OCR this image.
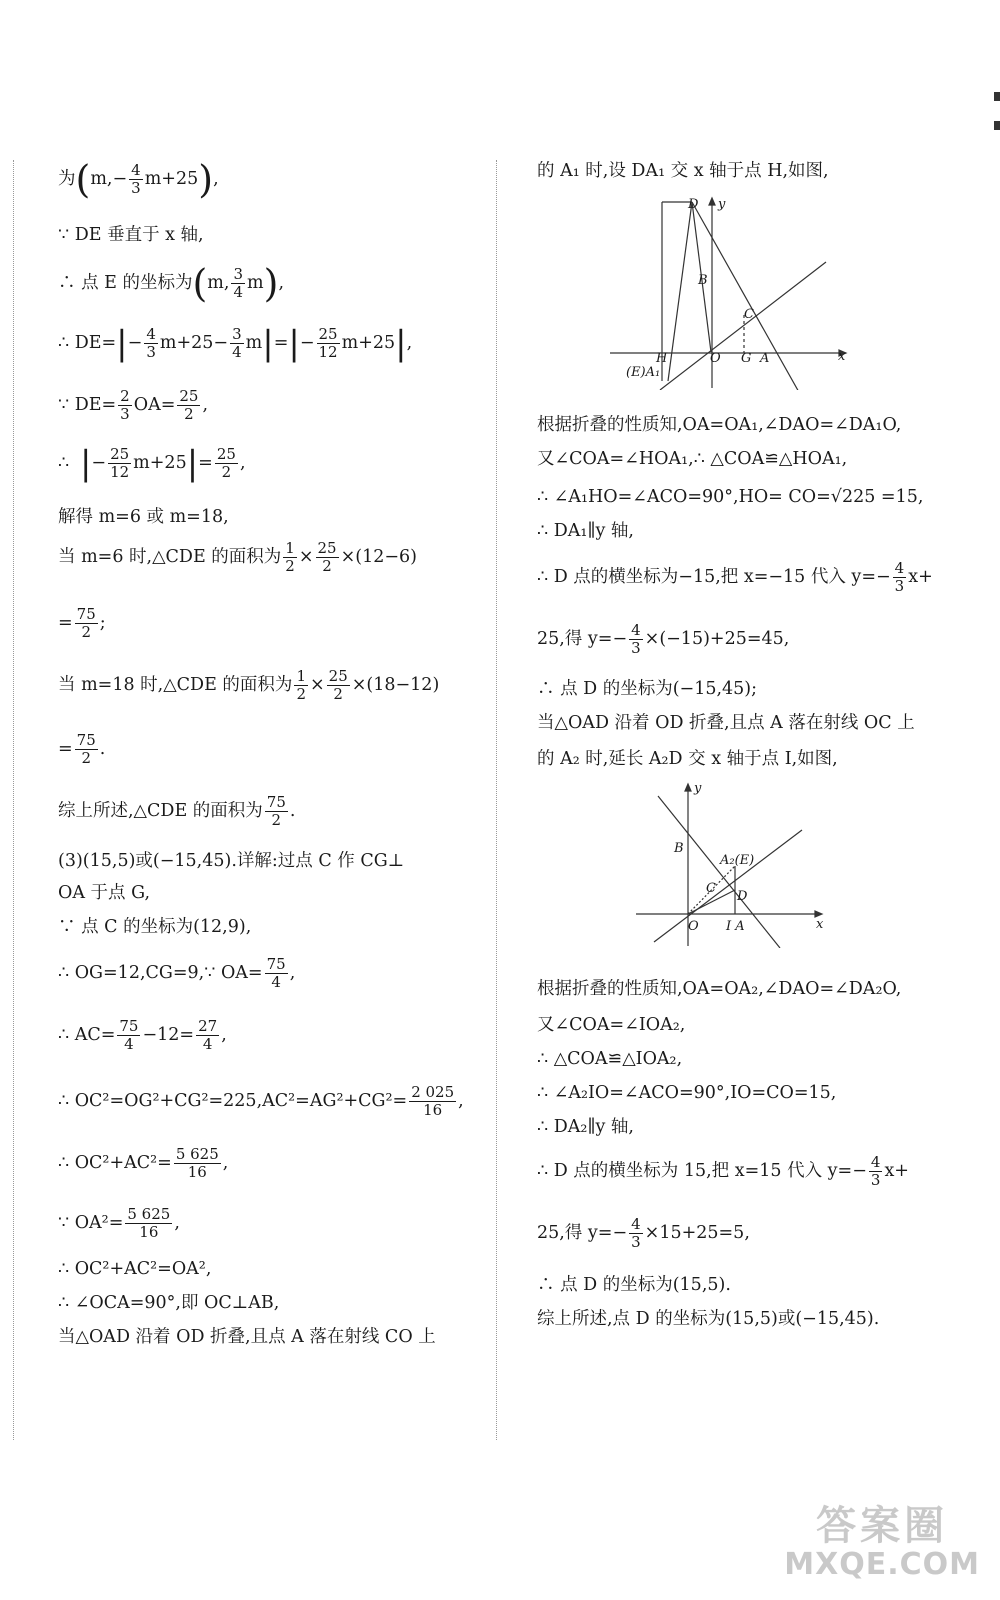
为$(m,- \frac{4}{3} m+25)$,
∵ DE 垂直于 x 轴,
∴ 点 E 的坐标为(m, $\frac{3}{4} m$),
∴ $DE=|- \frac{4}{3} m+25- \frac{3}{4} m|=|- \frac{25}{12} m+25|$,
∵ $DE= \frac{2}{3} OA= \frac{25}{2}$ ,
∴ |− $\frac{25}{12} m+25|= \frac{25}{2}$ ,
解得 m=6 或 m=18,
当 m=6 时,△CDE 的面积为 $\frac{1}{2} \times \frac{25}{2} \times(12-6)$
= $\frac{75}{2}$ ;
当 m=18 时,△CDE 的面积为 $\frac{1}{2} \times \frac{25}{2} \times(18-12)$
= $\frac{75}{2}$ .
综上所述,△CDE 的面积为 $\frac{75}{2}$ .
(3)(15,5)或(−15,45).详解:过点 C 作 CG⊥
OA 于点 G,
∵ 点 C 的坐标为(12,9),
∴ OG=12,CG=9,∵ $OA= \frac{75}{4}$ ,
∴ $AC= \frac{75}{4} -12= \frac{27}{4}$ ,
∴ $OC^2=OG^2+CG^2=225,AC^2=AG^2+CG^2= \frac{2 025}{16}$ ,
∴ $OC^2+AC^2= \frac{5 625}{16}$ ,
∵ $OA^2= \frac{5 625}{16}$ ,
∴ OC²+AC²=OA²,
∴ ∠OCA=90°,即 OC⊥AB,
当△OAD 沿着 OD 折叠,且点 A 落在射线 CO 上
的 A₁ 时,设 DA₁ 交 x 轴于点 H,如图,
D
B
C
H	O G A
(E)A₁
x
y
根据折叠的性质知,OA=OA₁,∠DAO=∠DA₁O,
又∠COA=∠HOA₁,∴ △COA≌△HOA₁,
∴ ∠A₁HO=∠ACO=90°,HO= CO=√225 =15,
∴ DA₁∥y 轴,
∴ D 点的横坐标为−15,把 x=−15 代入 $y=- \frac{4}{3} x+$
25,得 $y=- \frac{4}{3} \times(-15)+25=45$,
∴ 点 D 的坐标为(−15,45);
当△OAD 沿着 OD 折叠,且点 A 落在射线 OC 上
的 A₂ 时,延长 A₂D 交 x 轴于点 I,如图,
y
B
A₂(E)
C
D
O I A	x
根据折叠的性质知,OA=OA₂,∠DAO=∠DA₂O,
又∠COA=∠IOA₂,
∴ △COA≌△IOA₂,
∴ ∠A₂IO=∠ACO=90°,IO=CO=15,
∴ DA₂∥y 轴,
∴ D 点的横坐标为 15,把 x=15 代入 $y=- \frac{4}{3} x+$
25,得 $y=- \frac{4}{3} \times 15+25=5$,
∴ 点 D 的坐标为(15,5).
综上所述,点 D 的坐标为(15,5)或(−15,45).
答案圈
MXQE.COM
